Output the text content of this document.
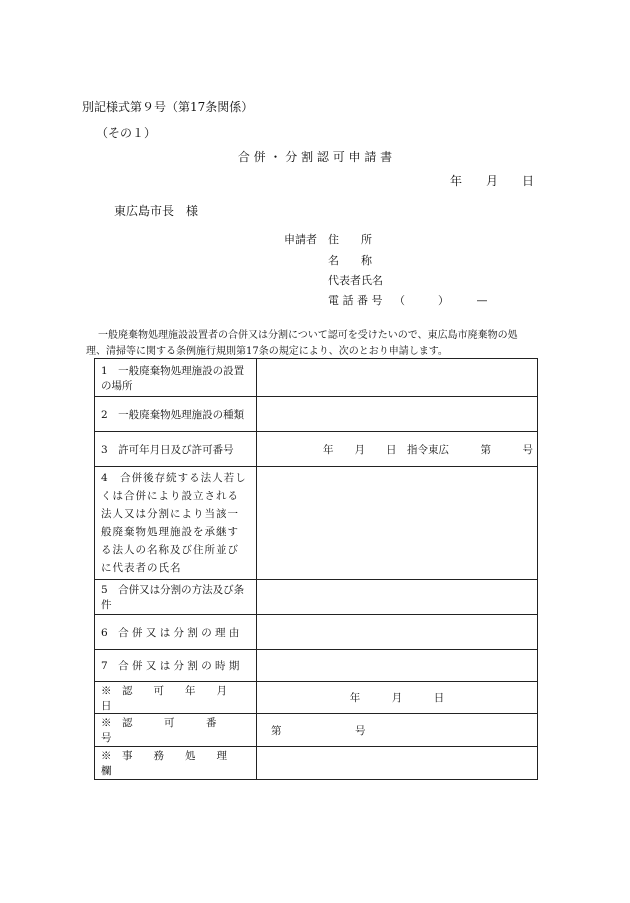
別記様式第９号（第17条関係）
（その１）
合 併 ・ 分 割 認 可 申 請 書
年　　月　　日
東広島市長　様
申請者 住　　所
名　　称
代表者氏名
電 話 番 号 （　　　）　　　—
一般廃棄物処理施設設置者の合併又は分割について認可を受けたいので、東広島市廃棄物の処
理、清掃等に関する条例施行規則第17条の規定により、次のとおり申請します。
1　一般廃棄物処理施設の設置の場所	
2　一般廃棄物処理施設の種類	
3　許可年月日及び許可番号	年　　月　　日　指令東広　　　第　　　号
4　合併後存続する法人若しくは合併により設立される法人又は分割により当該一般廃棄物処理施設を承継する法人の名称及び住所並びに代表者の氏名	
5　合併又は分割の方法及び条件	
6　合 併 又 は 分 割 の 理 由	
7　合 併 又 は 分 割 の 時 期	
※　認　　可　　年　　月　　日	年　　　月　　　日
※　認　　　可　　　番　　　号	第　　　　　　　号
※　事　　務　　処　　理　　欄	
